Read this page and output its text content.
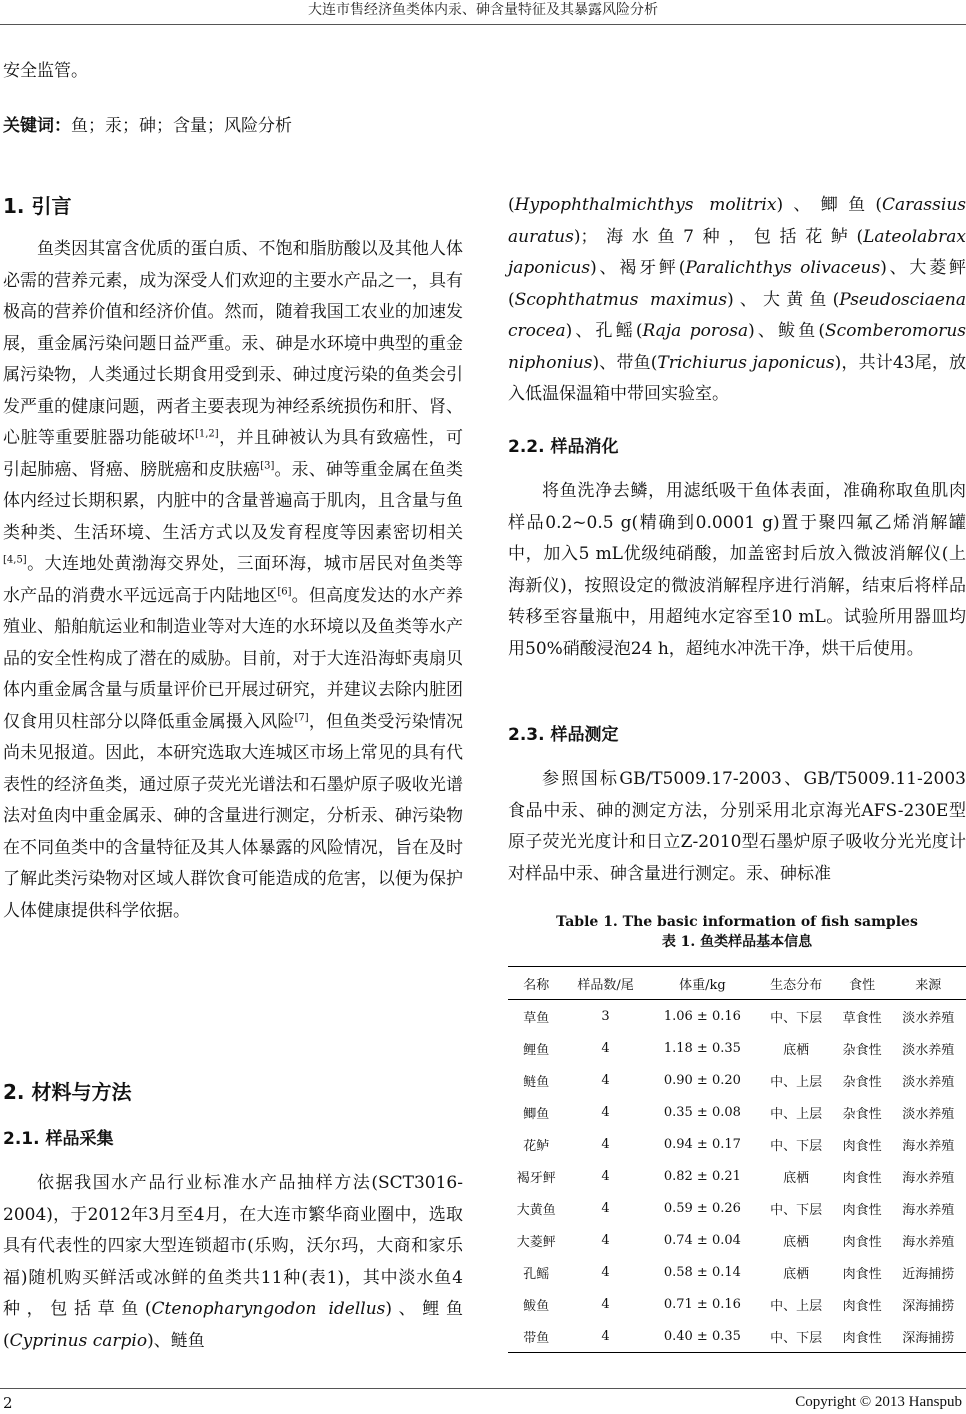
大连市售经济鱼类体内汞、砷含量特征及其暴露风险分析

安全监管。

关键词：鱼；汞；砷；含量；风险分析

1. 引言

鱼类因其富含优质的蛋白质、不饱和脂肪酸以及其他人体必需的营养元素，成为深受人们欢迎的主要水产品之一，具有极高的营养价值和经济价值。然而，随着我国工农业的加速发展，重金属污染问题日益严重。汞、砷是水环境中典型的重金属污染物，人类通过长期食用受到汞、砷过度污染的鱼类会引发严重的健康问题，两者主要表现为神经系统损伤和肝、肾、心脏等重要脏器功能破坏[1,2]，并且砷被认为具有致癌性，可引起肺癌、肾癌、膀胱癌和皮肤癌[3]。汞、砷等重金属在鱼类体内经过长期积累，内脏中的含量普遍高于肌肉，且含量与鱼类种类、生活环境、生活方式以及发育程度等因素密切相关[4,5]。大连地处黄渤海交界处，三面环海，城市居民对鱼类等水产品的消费水平远远高于内陆地区[6]。但高度发达的水产养殖业、船舶航运业和制造业等对大连的水环境以及鱼类等水产品的安全性构成了潜在的威胁。目前，对于大连沿海虾夷扇贝体内重金属含量与质量评价已开展过研究，并建议去除内脏团仅食用贝柱部分以降低重金属摄入风险[7]，但鱼类受污染情况尚未见报道。因此，本研究选取大连城区市场上常见的具有代表性的经济鱼类，通过原子荧光光谱法和石墨炉原子吸收光谱法对鱼肉中重金属汞、砷的含量进行测定，分析汞、砷污染物在不同鱼类中的含量特征及其人体暴露的风险情况，旨在及时了解此类污染物对区域人群饮食可能造成的危害，以便为保护人体健康提供科学依据。

2. 材料与方法
2.1. 样品采集

依据我国水产品行业标准水产品抽样方法(SCT3016-2004)，于2012年3月至4月，在大连市繁华商业圈中，选取具有代表性的四家大型连锁超市(乐购，沃尔玛，大商和家乐福)随机购买鲜活或冰鲜的鱼类共11种(表1)，其中淡水鱼4种，包括草鱼(Ctenopharyngodon idellus)、鲤鱼(Cyprinus carpio)、鲢鱼

(Hypophthalmichthys molitrix)、鲫鱼(Carassius auratus)；海水鱼7种，包括花鲈(Lateolabrax japonicus)、褐牙鲆(Paralichthys olivaceus)、大菱鲆(Scophthatmus maximus)、大黄鱼(Pseudosciaena crocea)、孔鳐(Raja porosa)、鲅鱼(Scomberomorus niphonius)、带鱼(Trichiurus japonicus)，共计43尾，放入低温保温箱中带回实验室。

2.2. 样品消化

将鱼洗净去鳞，用滤纸吸干鱼体表面，准确称取鱼肌肉样品0.2~0.5 g(精确到0.0001 g)置于聚四氟乙烯消解罐中，加入5 mL优级纯硝酸，加盖密封后放入微波消解仪(上海新仪)，按照设定的微波消解程序进行消解，结束后将样品转移至容量瓶中，用超纯水定容至10 mL。试验所用器皿均用50%硝酸浸泡24 h，超纯水冲洗干净，烘干后使用。

2.3. 样品测定

参照国标GB/T5009.17-2003、GB/T5009.11-2003食品中汞、砷的测定方法，分别采用北京海光AFS-230E型原子荧光光度计和日立Z-2010型石墨炉原子吸收分光光度计对样品中汞、砷含量进行测定。汞、砷标准

Table 1. The basic information of fish samples
表 1. 鱼类样品基本信息
名称	样品数/尾	体重/kg	生态分布	食性	来源
草鱼	3	1.06 ± 0.16	中、下层	草食性	淡水养殖
鲤鱼	4	1.18 ± 0.35	底栖	杂食性	淡水养殖
鲢鱼	4	0.90 ± 0.20	中、上层	杂食性	淡水养殖
鲫鱼	4	0.35 ± 0.08	中、上层	杂食性	淡水养殖
花鲈	4	0.94 ± 0.17	中、下层	肉食性	海水养殖
褐牙鲆	4	0.82 ± 0.21	底栖	肉食性	海水养殖
大黄鱼	4	0.59 ± 0.26	中、下层	肉食性	海水养殖
大菱鲆	4	0.74 ± 0.04	底栖	肉食性	海水养殖
孔鳐	4	0.58 ± 0.14	底栖	肉食性	近海捕捞
鲅鱼	4	0.71 ± 0.16	中、上层	肉食性	深海捕捞
带鱼	4	0.40 ± 0.35	中、下层	肉食性	深海捕捞
2	Copyright © 2013 Hanspub
